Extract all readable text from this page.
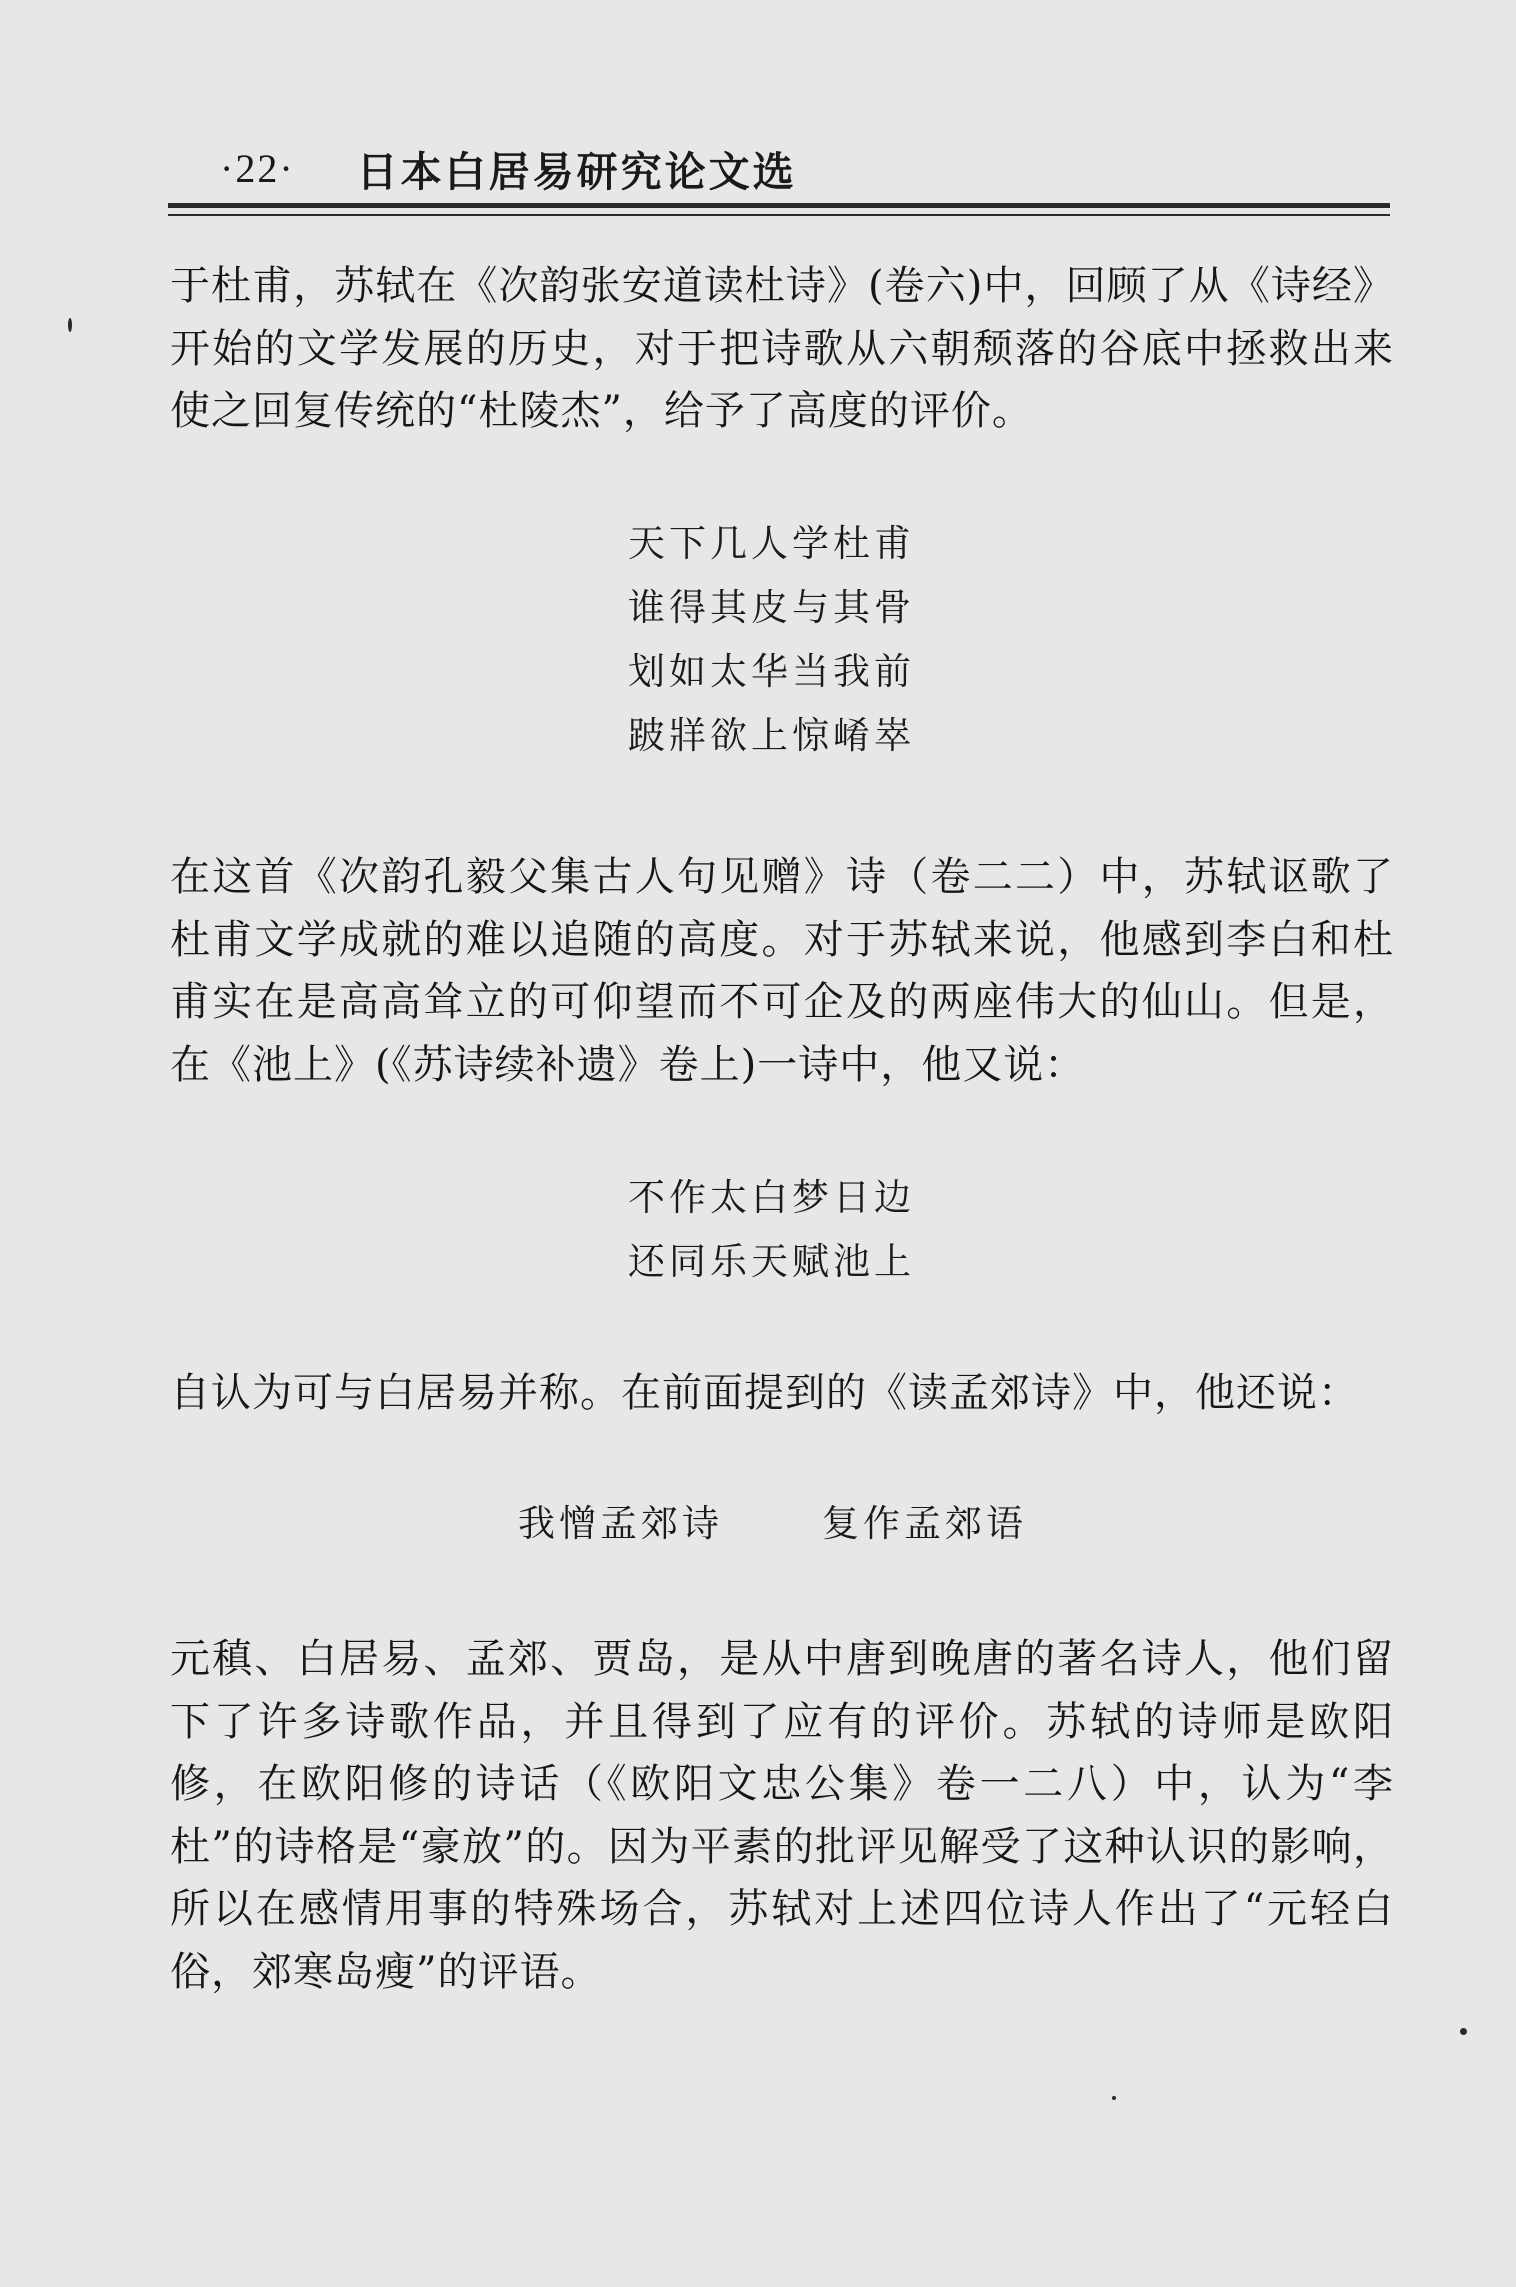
·22· 日本白居易研究论文选
于杜甫，苏轼在《次韵张安道读杜诗》(卷六)中，回顾了从《诗经》开始的文学发展的历史，对于把诗歌从六朝颓落的谷底中拯救出来使之回复传统的“杜陵杰”，给予了高度的评价。
天下几人学杜甫
谁得其皮与其骨
划如太华当我前
跛牂欲上惊崤崒
在这首《次韵孔毅父集古人句见赠》诗（卷二二）中，苏轼讴歌了杜甫文学成就的难以追随的高度。对于苏轼来说，他感到李白和杜甫实在是高高耸立的可仰望而不可企及的两座伟大的仙山。但是，在《池上》(《苏诗续补遗》卷上)一诗中，他又说：
不作太白梦日边
还同乐天赋池上
自认为可与白居易并称。在前面提到的《读孟郊诗》中，他还说：
我憎孟郊诗	复作孟郊语
元稹、白居易、孟郊、贾岛，是从中唐到晚唐的著名诗人，他们留下了许多诗歌作品，并且得到了应有的评价。苏轼的诗师是欧阳修，在欧阳修的诗话（《欧阳文忠公集》卷一二八）中，认为“李杜”的诗格是“豪放”的。因为平素的批评见解受了这种认识的影响，所以在感情用事的特殊场合，苏轼对上述四位诗人作出了“元轻白俗，郊寒岛瘦”的评语。
